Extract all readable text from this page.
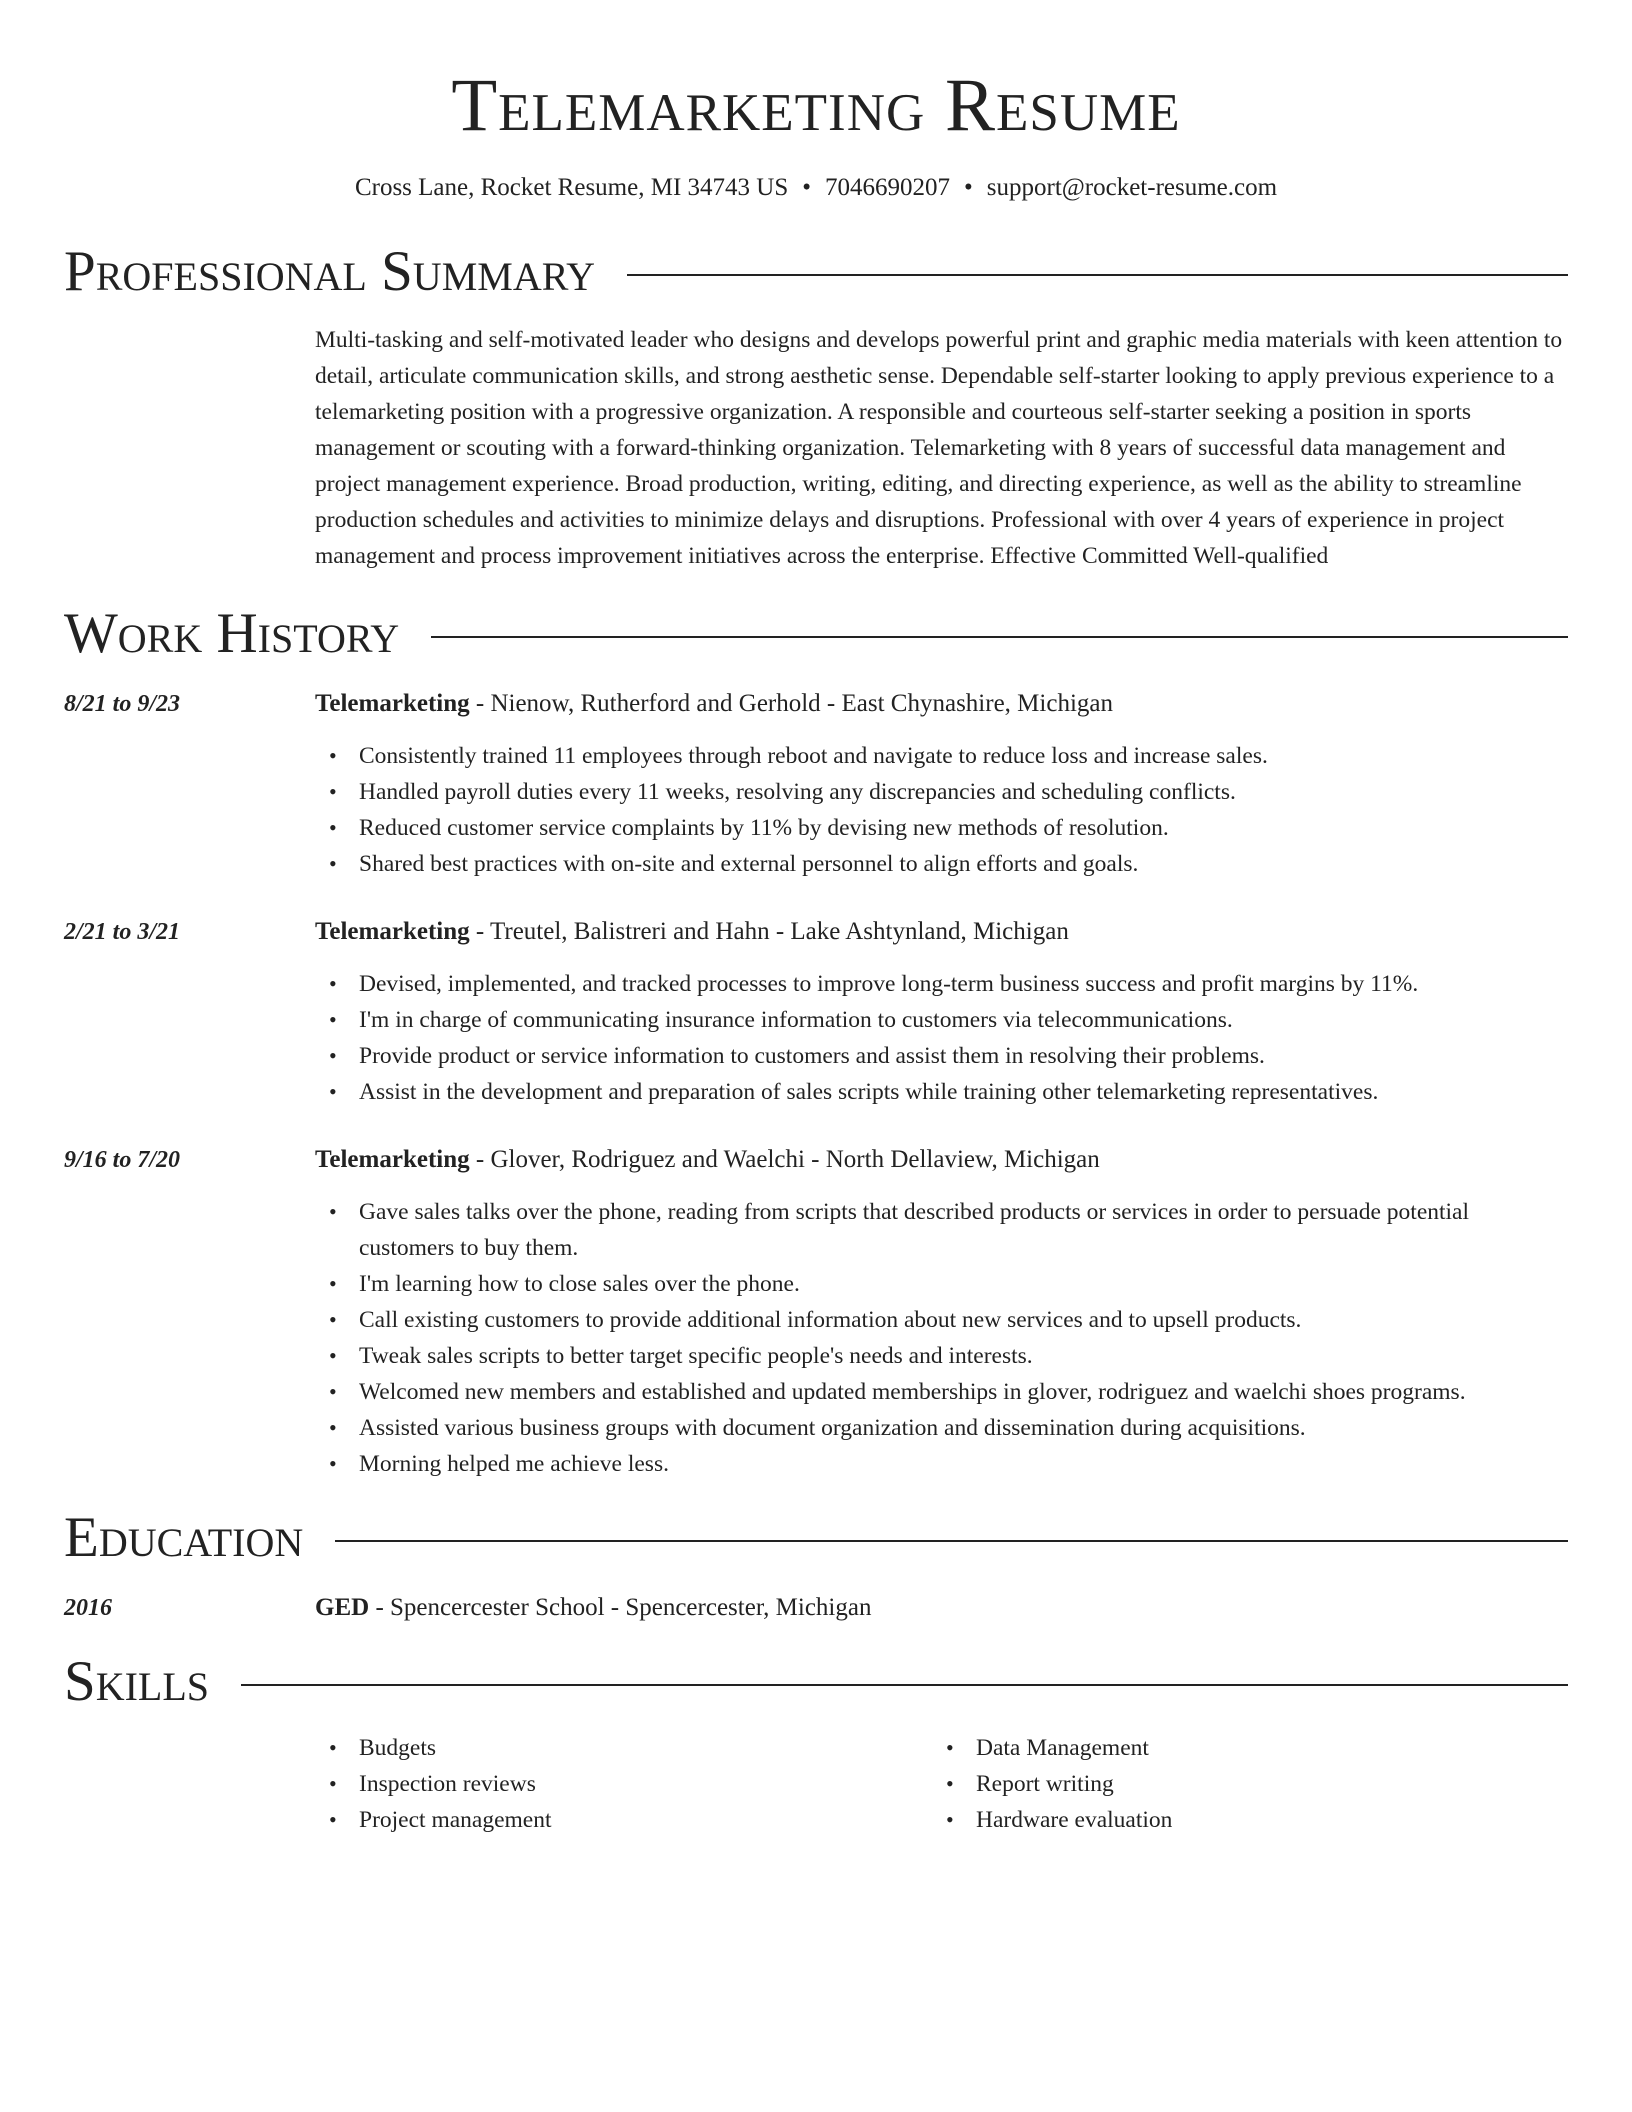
Telemarketing Resume
Cross Lane, Rocket Resume, MI 34743 US • 7046690207 • support@rocket-resume.com
Professional Summary

Multi-tasking and self-motivated leader who designs and develops powerful print and graphic media materials with keen attention to detail, articulate communication skills, and strong aesthetic sense. Dependable self-starter looking to apply previous experience to a telemarketing position with a progressive organization. A responsible and courteous self-starter seeking a position in sports management or scouting with a forward-thinking organization. Telemarketing with 8 years of successful data management and project management experience. Broad production, writing, editing, and directing experience, as well as the ability to streamline production schedules and activities to minimize delays and disruptions. Professional with over 4 years of experience in project management and process improvement initiatives across the enterprise. Effective Committed Well-qualified

Work History
8/21 to 9/23	Telemarketing - Nienow, Rutherford and Gerhold - East Chynashire, Michigan
• Consistently trained 11 employees through reboot and navigate to reduce loss and increase sales.
• Handled payroll duties every 11 weeks, resolving any discrepancies and scheduling conflicts.
• Reduced customer service complaints by 11% by devising new methods of resolution.
• Shared best practices with on-site and external personnel to align efforts and goals.
2/21 to 3/21	Telemarketing - Treutel, Balistreri and Hahn - Lake Ashtynland, Michigan
• Devised, implemented, and tracked processes to improve long-term business success and profit margins by 11%.
• I'm in charge of communicating insurance information to customers via telecommunications.
• Provide product or service information to customers and assist them in resolving their problems.
• Assist in the development and preparation of sales scripts while training other telemarketing representatives.
9/16 to 7/20	Telemarketing - Glover, Rodriguez and Waelchi - North Dellaview, Michigan
• Gave sales talks over the phone, reading from scripts that described products or services in order to persuade potential customers to buy them.
• I'm learning how to close sales over the phone.
• Call existing customers to provide additional information about new services and to upsell products.
• Tweak sales scripts to better target specific people's needs and interests.
• Welcomed new members and established and updated memberships in glover, rodriguez and waelchi shoes programs.
• Assisted various business groups with document organization and dissemination during acquisitions.
• Morning helped me achieve less.
Education
2016	GED - Spencercester School - Spencercester, Michigan
Skills
• Budgets
• Inspection reviews
• Project management
• Data Management
• Report writing
• Hardware evaluation
